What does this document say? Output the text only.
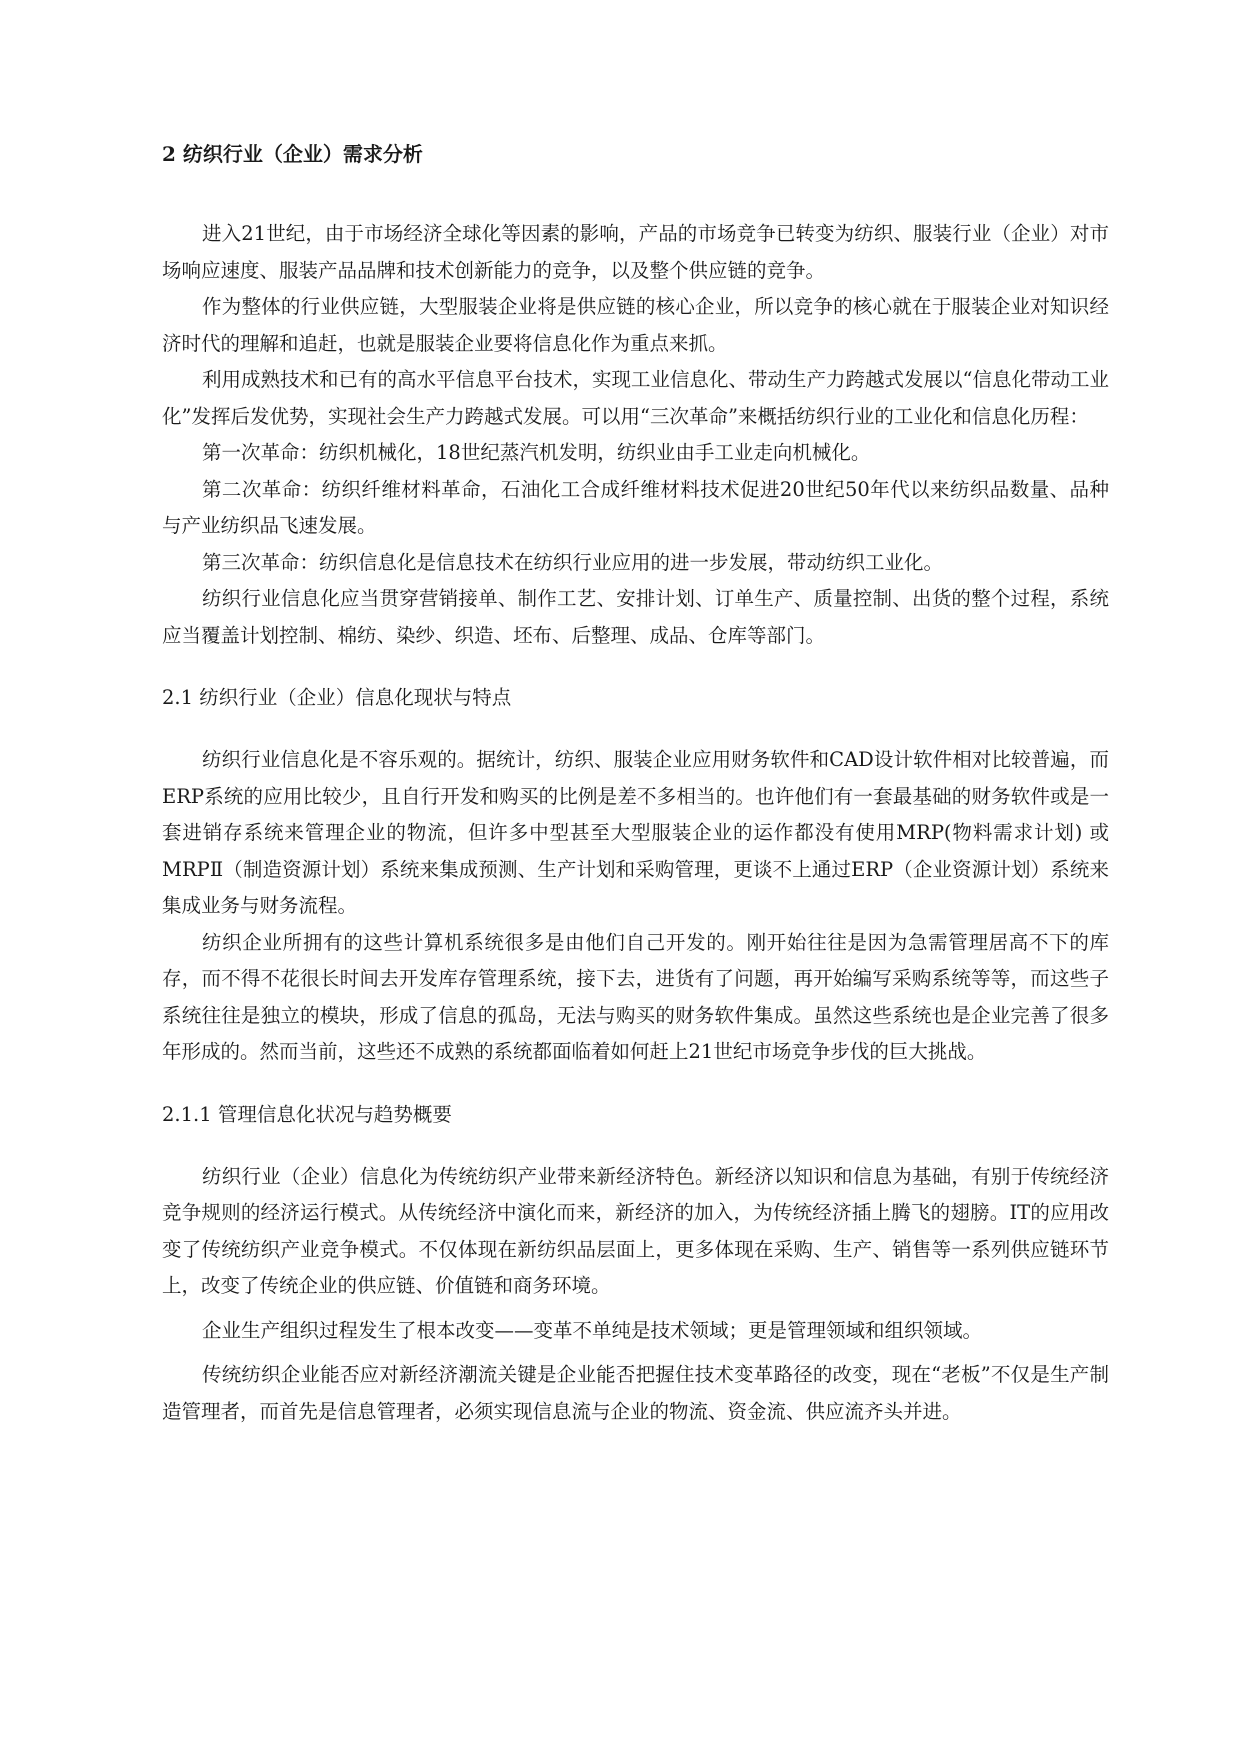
2 纺织行业（企业）需求分析

进入21世纪，由于市场经济全球化等因素的影响，产品的市场竞争已转变为纺织、服装行业（企业）对市场响应速度、服装产品品牌和技术创新能力的竞争，以及整个供应链的竞争。

作为整体的行业供应链，大型服装企业将是供应链的核心企业，所以竞争的核心就在于服装企业对知识经济时代的理解和追赶，也就是服装企业要将信息化作为重点来抓。

利用成熟技术和已有的高水平信息平台技术，实现工业信息化、带动生产力跨越式发展以“信息化带动工业化”发挥后发优势，实现社会生产力跨越式发展。可以用“三次革命”来概括纺织行业的工业化和信息化历程：

第一次革命：纺织机械化，18世纪蒸汽机发明，纺织业由手工业走向机械化。

第二次革命：纺织纤维材料革命，石油化工合成纤维材料技术促进20世纪50年代以来纺织品数量、品种与产业纺织品飞速发展。

第三次革命：纺织信息化是信息技术在纺织行业应用的进一步发展，带动纺织工业化。

纺织行业信息化应当贯穿营销接单、制作工艺、安排计划、订单生产、质量控制、出货的整个过程，系统应当覆盖计划控制、棉纺、染纱、织造、坯布、后整理、成品、仓库等部门。

2.1 纺织行业（企业）信息化现状与特点

纺织行业信息化是不容乐观的。据统计，纺织、服装企业应用财务软件和CAD设计软件相对比较普遍，而ERP系统的应用比较少，且自行开发和购买的比例是差不多相当的。也许他们有一套最基础的财务软件或是一套进销存系统来管理企业的物流，但许多中型甚至大型服装企业的运作都没有使用MRP(物料需求计划) 或MRPⅡ（制造资源计划）系统来集成预测、生产计划和采购管理，更谈不上通过ERP（企业资源计划）系统来集成业务与财务流程。

纺织企业所拥有的这些计算机系统很多是由他们自己开发的。刚开始往往是因为急需管理居高不下的库存，而不得不花很长时间去开发库存管理系统，接下去，进货有了问题，再开始编写采购系统等等，而这些子系统往往是独立的模块，形成了信息的孤岛，无法与购买的财务软件集成。虽然这些系统也是企业完善了很多年形成的。然而当前，这些还不成熟的系统都面临着如何赶上21世纪市场竞争步伐的巨大挑战。

2.1.1 管理信息化状况与趋势概要

纺织行业（企业）信息化为传统纺织产业带来新经济特色。新经济以知识和信息为基础，有别于传统经济竞争规则的经济运行模式。从传统经济中演化而来，新经济的加入，为传统经济插上腾飞的翅膀。IT的应用改变了传统纺织产业竞争模式。不仅体现在新纺织品层面上，更多体现在采购、生产、销售等一系列供应链环节上，改变了传统企业的供应链、价值链和商务环境。

企业生产组织过程发生了根本改变——变革不单纯是技术领域；更是管理领域和组织领域。

传统纺织企业能否应对新经济潮流关键是企业能否把握住技术变革路径的改变，现在“老板”不仅是生产制造管理者，而首先是信息管理者，必须实现信息流与企业的物流、资金流、供应流齐头并进。
